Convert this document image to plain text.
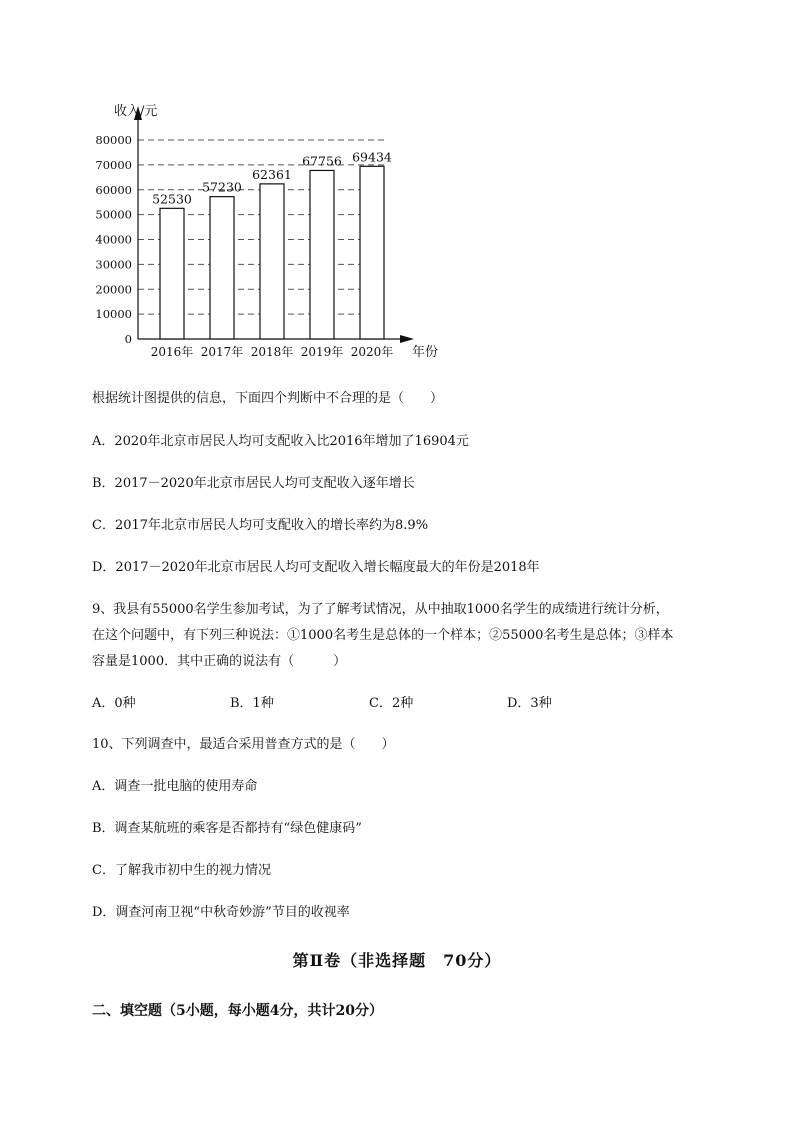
0
10000
20000
30000
40000
50000
60000
70000
80000
收入/元
年份
52530
2016年
57230
2017年
62361
2018年
67756
2019年
69434
2020年
根据统计图提供的信息，下面四个判断中不合理的是（　　）
A．2020年北京市居民人均可支配收入比2016年增加了16904元
B．2017－2020年北京市居民人均可支配收入逐年增长
C．2017年北京市居民人均可支配收入的增长率约为8.9%
D．2017－2020年北京市居民人均可支配收入增长幅度最大的年份是2018年
9、我县有55000名学生参加考试，为了了解考试情况，从中抽取1000名学生的成绩进行统计分析，
在这个问题中，有下列三种说法：①1000名考生是总体的一个样本；②55000名考生是总体；③样本
容量是1000．其中正确的说法有（　　　）
A．0种	B．1种	C．2种	D．3种
10、下列调查中，最适合采用普查方式的是（　　）
A．调查一批电脑的使用寿命
B．调查某航班的乘客是否都持有“绿色健康码”
C．了解我市初中生的视力情况
D．调查河南卫视“中秋奇妙游”节目的收视率
第Ⅱ卷（非选择题　70分）
二、填空题（5小题，每小题4分，共计20分）
